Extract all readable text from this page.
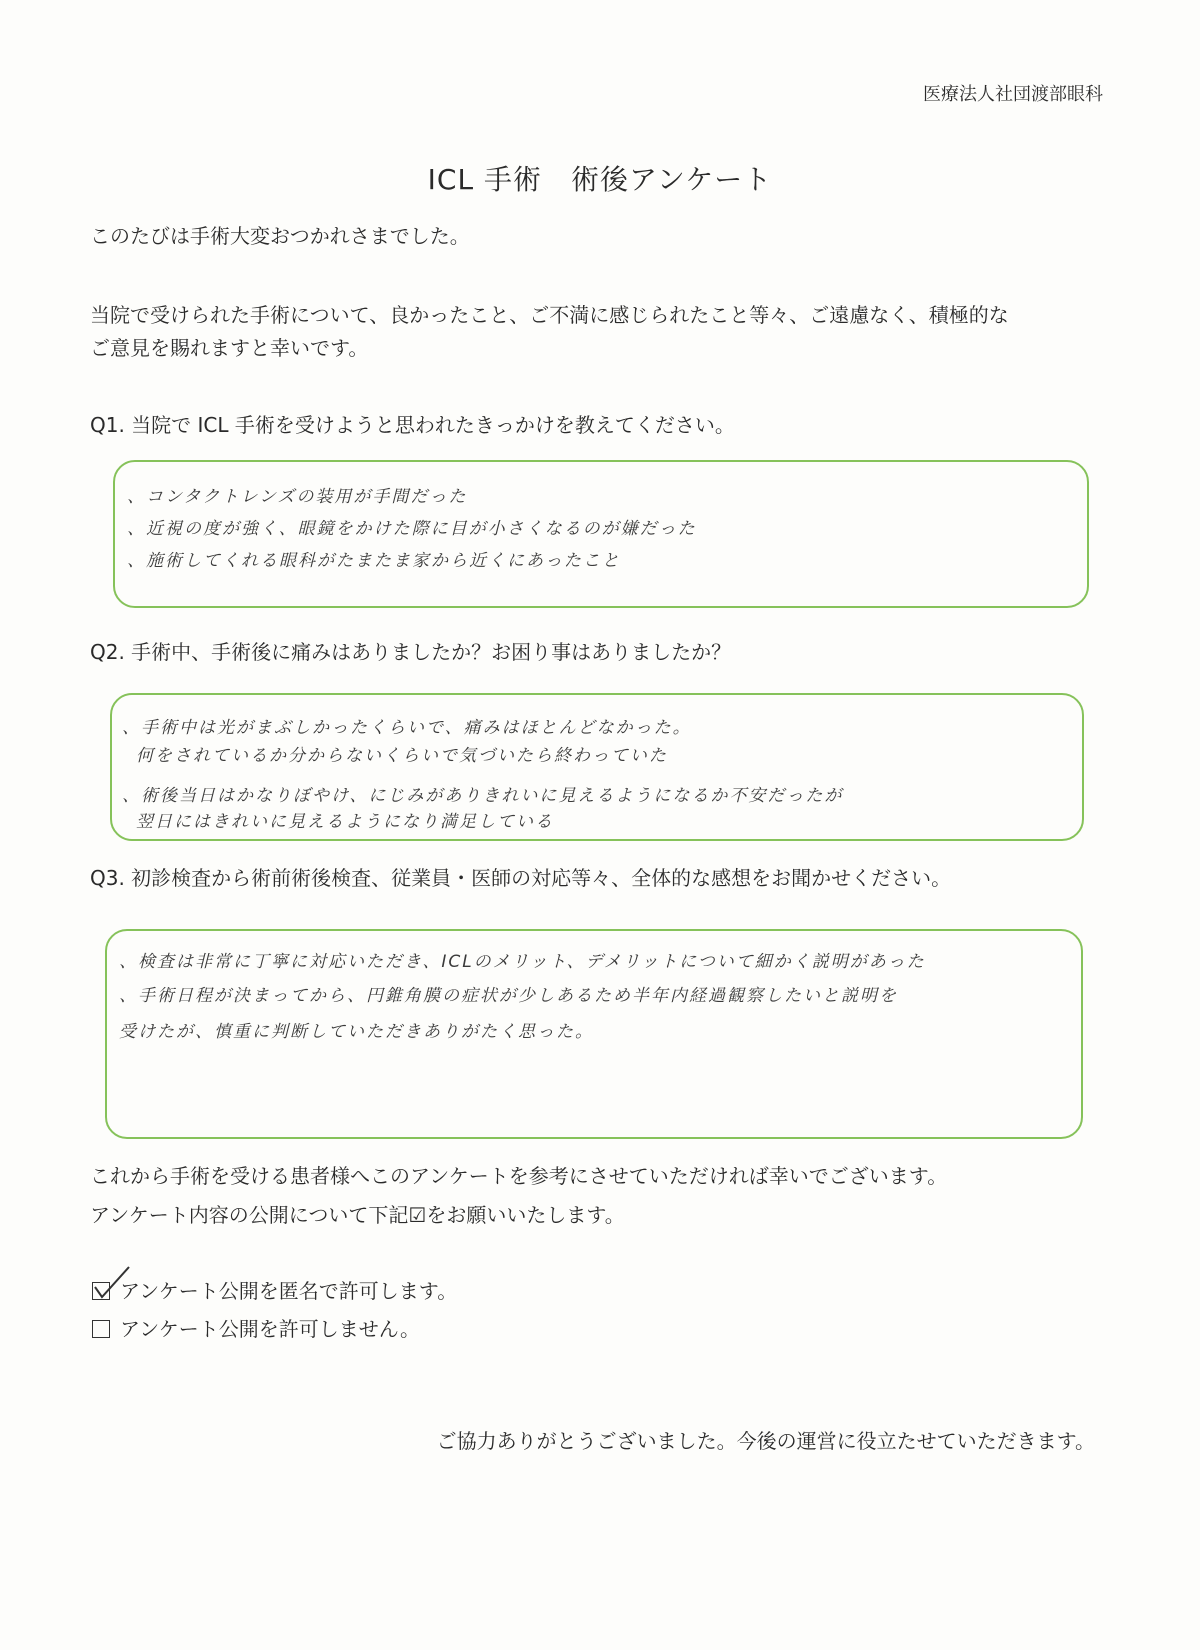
医療法人社団渡部眼科
ICL 手術　術後アンケート
このたびは手術大変おつかれさまでした。
当院で受けられた手術について、良かったこと、ご不満に感じられたこと等々、ご遠慮なく、積極的な
ご意見を賜れますと幸いです。
Q1. 当院で ICL 手術を受けようと思われたきっかけを教えてください。
、コンタクトレンズの装用が手間だった
、近視の度が強く、眼鏡をかけた際に目が小さくなるのが嫌だった
、施術してくれる眼科がたまたま家から近くにあったこと
Q2. 手術中、手術後に痛みはありましたか？お困り事はありましたか？
、手術中は光がまぶしかったくらいで、痛みはほとんどなかった。
何をされているか分からないくらいで気づいたら終わっていた
、術後当日はかなりぼやけ、にじみがありきれいに見えるようになるか不安だったが
翌日にはきれいに見えるようになり満足している
Q3. 初診検査から術前術後検査、従業員・医師の対応等々、全体的な感想をお聞かせください。
、検査は非常に丁寧に対応いただき、ICLのメリット、デメリットについて細かく説明があった
、手術日程が決まってから、円錐角膜の症状が少しあるため半年内経過観察したいと説明を
受けたが、慎重に判断していただきありがたく思った。
これから手術を受ける患者様へこのアンケートを参考にさせていただければ幸いでございます。
アンケート内容の公開について下記☑をお願いいたします。
アンケート公開を匿名で許可します。
アンケート公開を許可しません。
ご協力ありがとうございました。今後の運営に役立たせていただきます。
